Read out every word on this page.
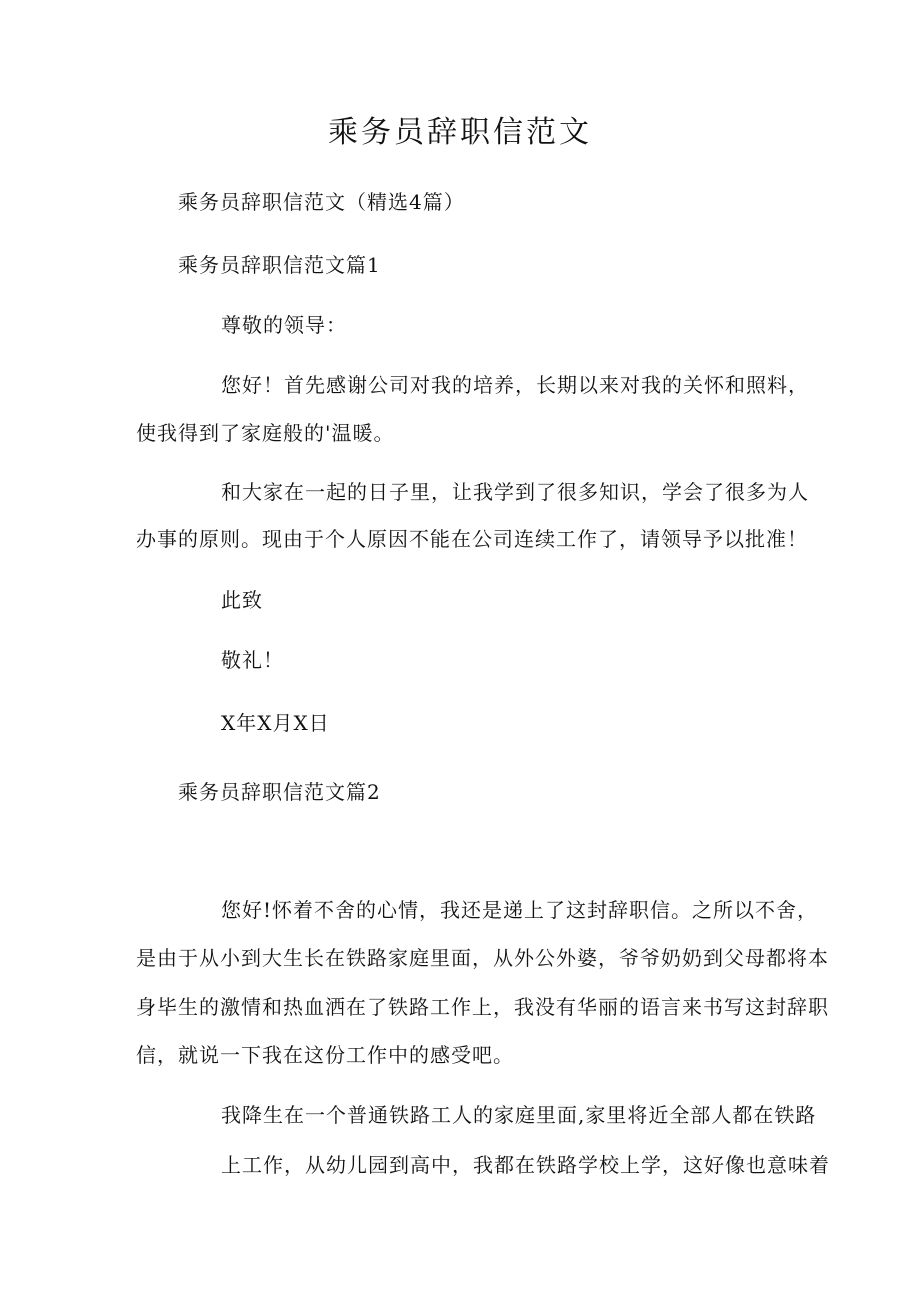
乘务员辞职信范文
乘务员辞职信范文（精选4篇）
乘务员辞职信范文篇1
尊敬的领导：
您好！首先感谢公司对我的培养，长期以来对我的关怀和照料，
使我得到了家庭般的'温暖。
和大家在一起的日子里，让我学到了很多知识，学会了很多为人
办事的原则。现由于个人原因不能在公司连续工作了，请领导予以批准！
此致
敬礼！
X年X月X日
乘务员辞职信范文篇2
您好!怀着不舍的心情，我还是递上了这封辞职信。之所以不舍，
是由于从小到大生长在铁路家庭里面，从外公外婆，爷爷奶奶到父母都将本
身毕生的激情和热血洒在了铁路工作上，我没有华丽的语言来书写这封辞职
信，就说一下我在这份工作中的感受吧。
我降生在一个普通铁路工人的家庭里面,家里将近全部人都在铁路
上工作，从幼儿园到高中，我都在铁路学校上学，这好像也意味着
